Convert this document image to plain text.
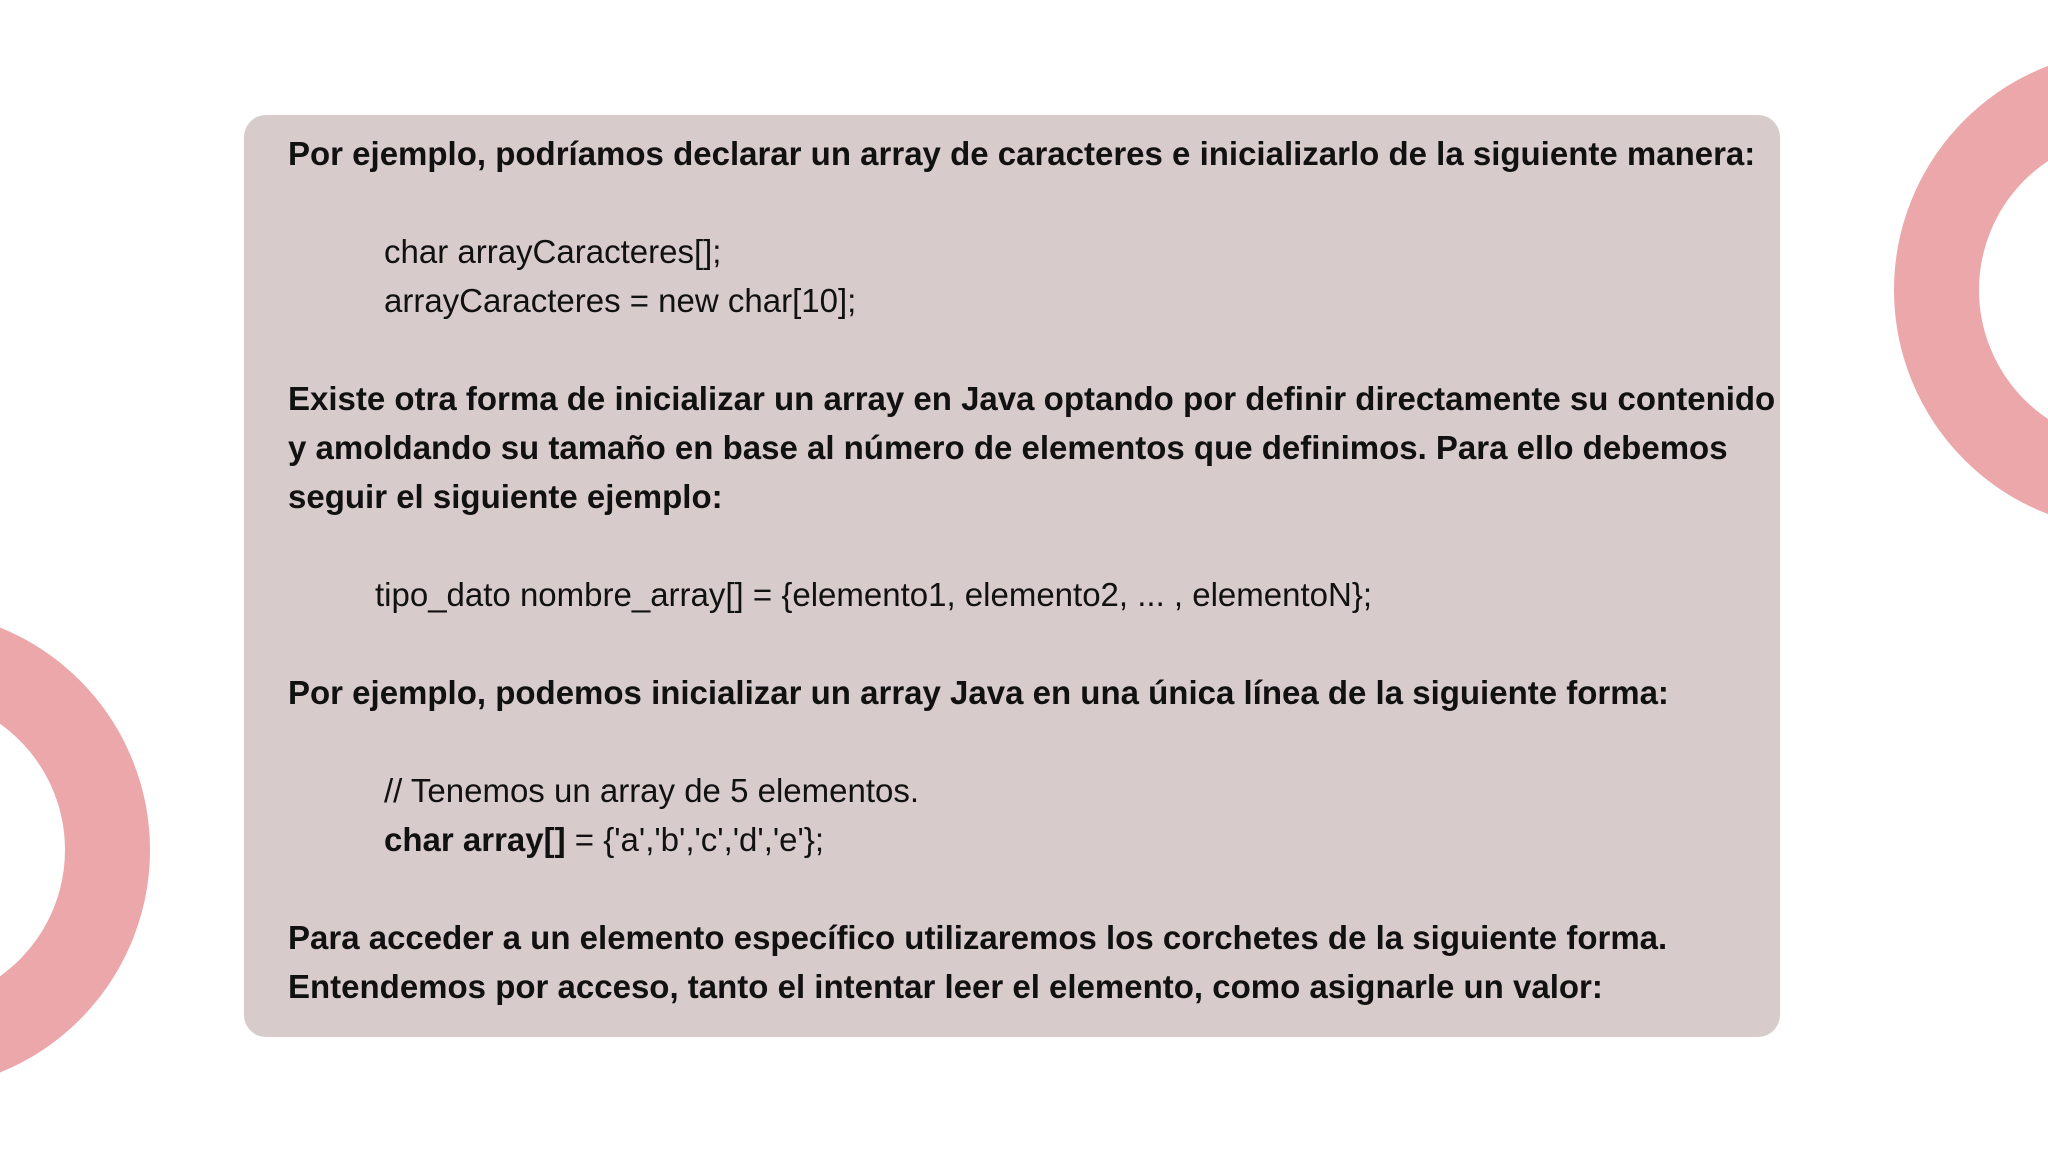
Por ejemplo, podríamos declarar un array de caracteres e inicializarlo de la siguiente manera:

char arrayCaracteres[];

arrayCaracteres = new char[10];

Existe otra forma de inicializar un array en Java optando por definir directamente su contenido

y amoldando su tamaño en base al número de elementos que definimos. Para ello debemos

seguir el siguiente ejemplo:

tipo_dato nombre_array[] = {elemento1, elemento2, ... , elementoN};

Por ejemplo, podemos inicializar un array Java en una única línea de la siguiente forma:

// Tenemos un array de 5 elementos.

char array[] = {'a','b','c','d','e'};

Para acceder a un elemento específico utilizaremos los corchetes de la siguiente forma.

Entendemos por acceso, tanto el intentar leer el elemento, como asignarle un valor:
